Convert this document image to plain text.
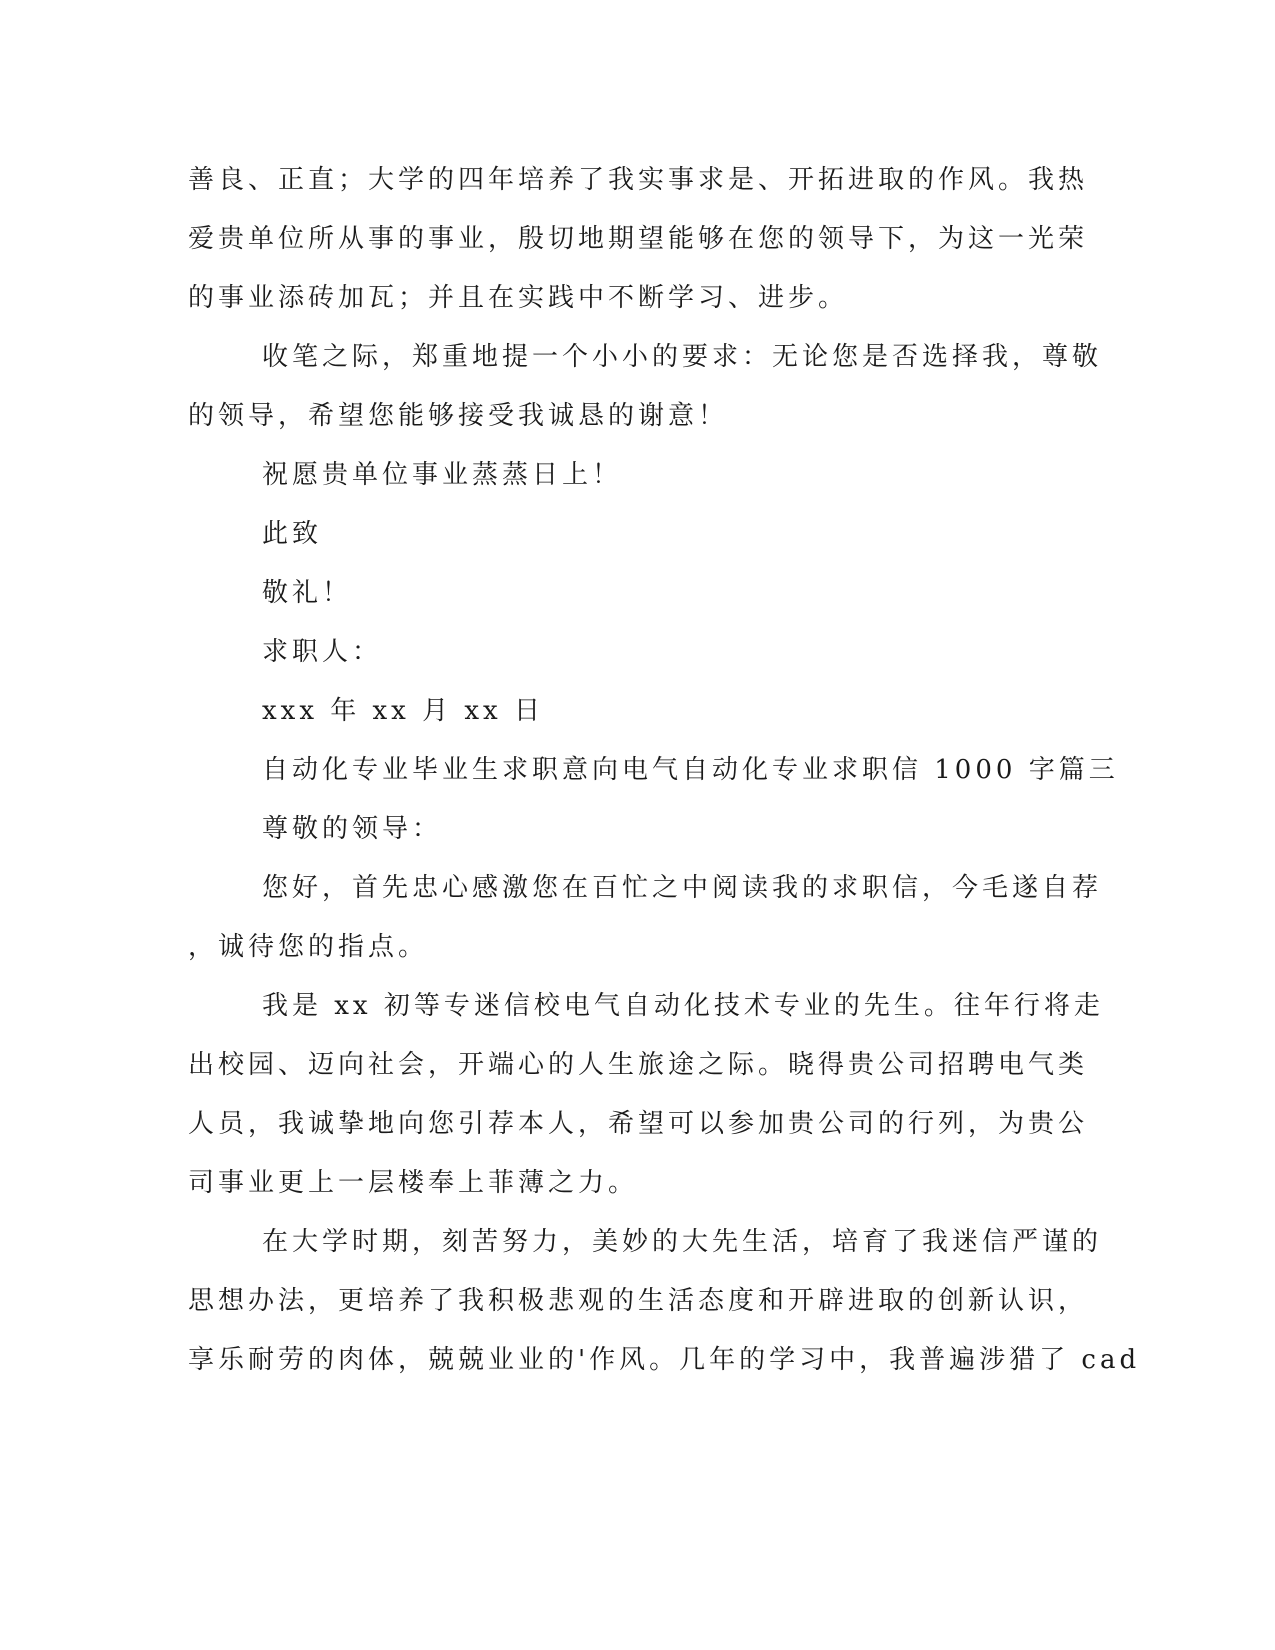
善良、正直；大学的四年培养了我实事求是、开拓进取的作风。我热
爱贵单位所从事的事业，殷切地期望能够在您的领导下，为这一光荣
的事业添砖加瓦；并且在实践中不断学习、进步。
收笔之际，郑重地提一个小小的要求：无论您是否选择我，尊敬
的领导，希望您能够接受我诚恳的谢意！
祝愿贵单位事业蒸蒸日上！
此致
敬礼！
求职人：
xxx 年 xx 月 xx 日
自动化专业毕业生求职意向电气自动化专业求职信 1000 字篇三
尊敬的领导：
您好，首先忠心感激您在百忙之中阅读我的求职信，今毛遂自荐
，诚待您的指点。
我是 xx 初等专迷信校电气自动化技术专业的先生。往年行将走
出校园、迈向社会，开端心的人生旅途之际。晓得贵公司招聘电气类
人员，我诚挚地向您引荐本人，希望可以参加贵公司的行列，为贵公
司事业更上一层楼奉上菲薄之力。
在大学时期，刻苦努力，美妙的大先生活，培育了我迷信严谨的
思想办法，更培养了我积极悲观的生活态度和开辟进取的创新认识，
享乐耐劳的肉体，兢兢业业的'作风。几年的学习中，我普遍涉猎了 cad
